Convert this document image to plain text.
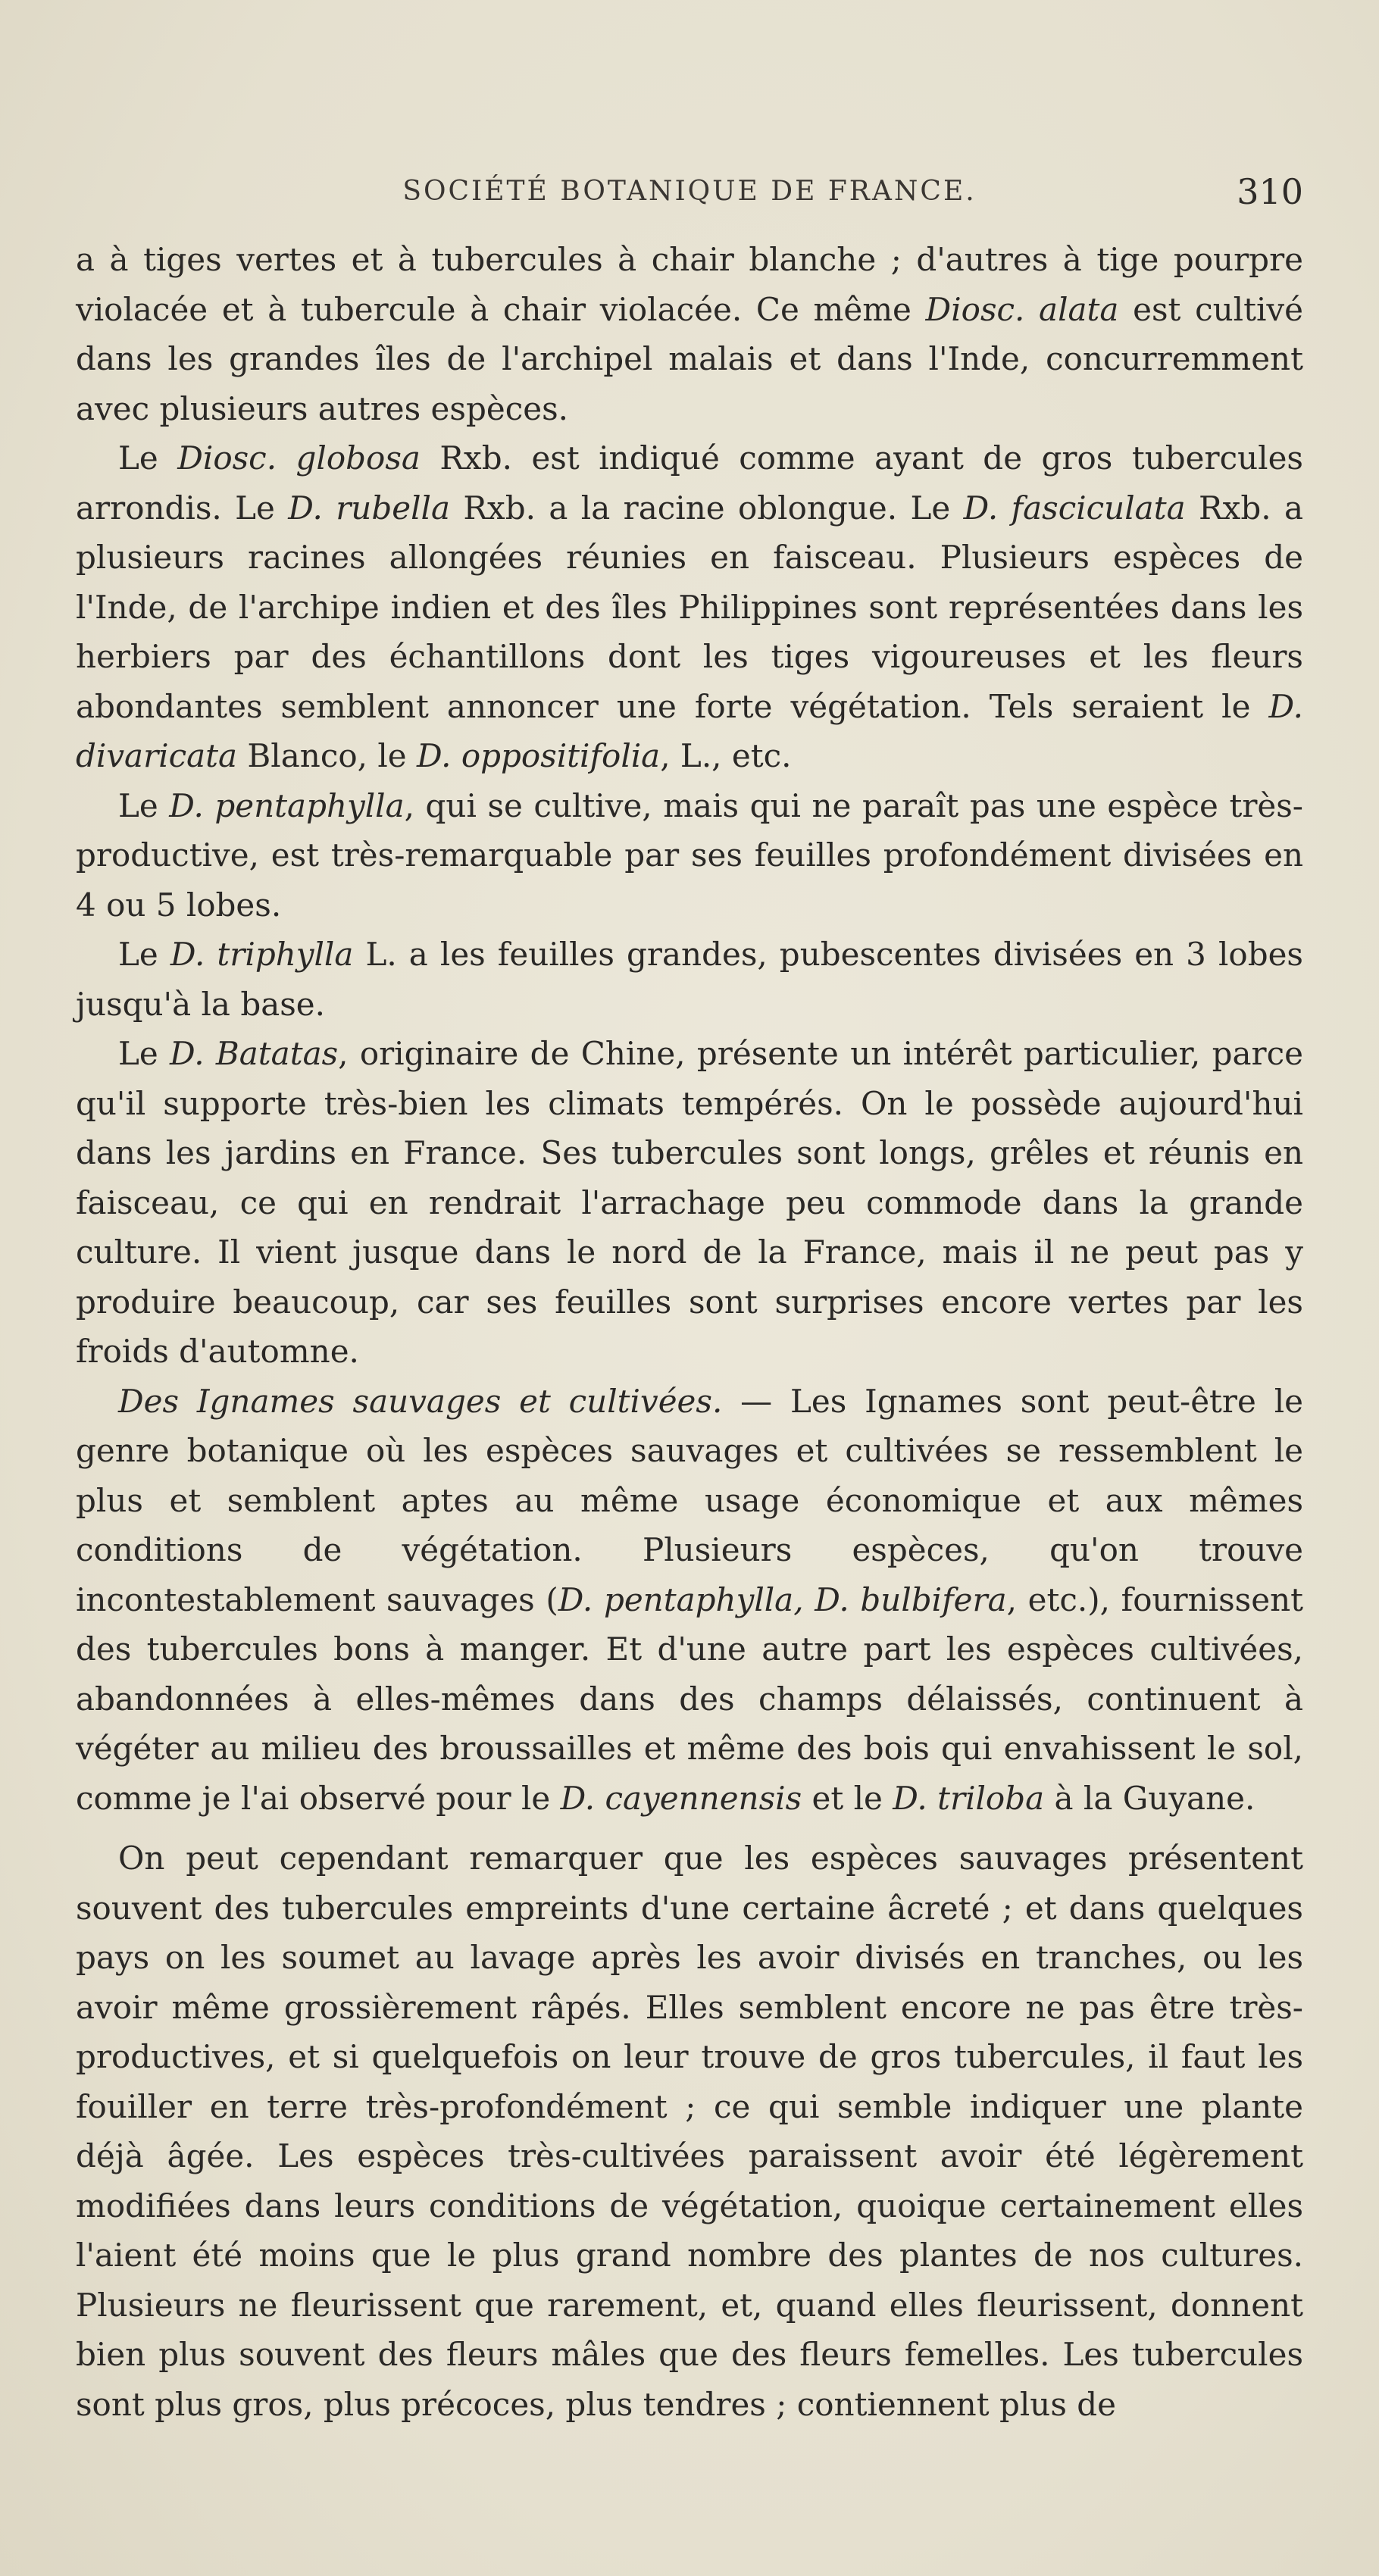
SOCIÉTÉ BOTANIQUE DE FRANCE.	310

a à tiges vertes et à tubercules à chair blanche ; d'autres à tige pourpre violacée et à tubercule à chair violacée. Ce même Diosc. alata est cultivé dans les grandes îles de l'archipel malais et dans l'Inde, concurremment avec plusieurs autres espèces.

Le Diosc. globosa Rxb. est indiqué comme ayant de gros tubercules arrondis. Le D. rubella Rxb. a la racine oblongue. Le D. fasciculata Rxb. a plusieurs racines allongées réunies en faisceau. Plusieurs espèces de l'Inde, de l'archipe indien et des îles Philippines sont représentées dans les herbiers par des échantillons dont les tiges vigoureuses et les fleurs abondantes semblent annoncer une forte végétation. Tels seraient le D. divaricata Blanco, le D. oppositifolia, L., etc.

Le D. pentaphylla, qui se cultive, mais qui ne paraît pas une espèce très-productive, est très-remarquable par ses feuilles profondément divisées en 4 ou 5 lobes.

Le D. triphylla L. a les feuilles grandes, pubescentes divisées en 3 lobes jusqu'à la base.

Le D. Batatas, originaire de Chine, présente un intérêt particulier, parce qu'il supporte très-bien les climats tempérés. On le possède aujourd'hui dans les jardins en France. Ses tubercules sont longs, grêles et réunis en faisceau, ce qui en rendrait l'arrachage peu commode dans la grande culture. Il vient jusque dans le nord de la France, mais il ne peut pas y produire beaucoup, car ses feuilles sont surprises encore vertes par les froids d'automne.

Des Ignames sauvages et cultivées. — Les Ignames sont peut-être le genre botanique où les espèces sauvages et cultivées se ressemblent le plus et semblent aptes au même usage économique et aux mêmes conditions de végétation. Plusieurs espèces, qu'on trouve incontestablement sauvages (D. pentaphylla, D. bulbifera, etc.), fournissent des tubercules bons à manger. Et d'une autre part les espèces cultivées, abandonnées à elles-mêmes dans des champs délaissés, continuent à végéter au milieu des broussailles et même des bois qui envahissent le sol, comme je l'ai observé pour le D. cayennensis et le D. triloba à la Guyane.

On peut cependant remarquer que les espèces sauvages présentent souvent des tubercules empreints d'une certaine âcreté ; et dans quelques pays on les soumet au lavage après les avoir divisés en tranches, ou les avoir même grossièrement râpés. Elles semblent encore ne pas être très-productives, et si quelquefois on leur trouve de gros tubercules, il faut les fouiller en terre très-profondément ; ce qui semble indiquer une plante déjà âgée. Les espèces très-cultivées paraissent avoir été légèrement modifiées dans leurs conditions de végétation, quoique certainement elles l'aient été moins que le plus grand nombre des plantes de nos cultures. Plusieurs ne fleurissent que rarement, et, quand elles fleurissent, donnent bien plus souvent des fleurs mâles que des fleurs femelles. Les tubercules sont plus gros, plus précoces, plus tendres ; contiennent plus de
